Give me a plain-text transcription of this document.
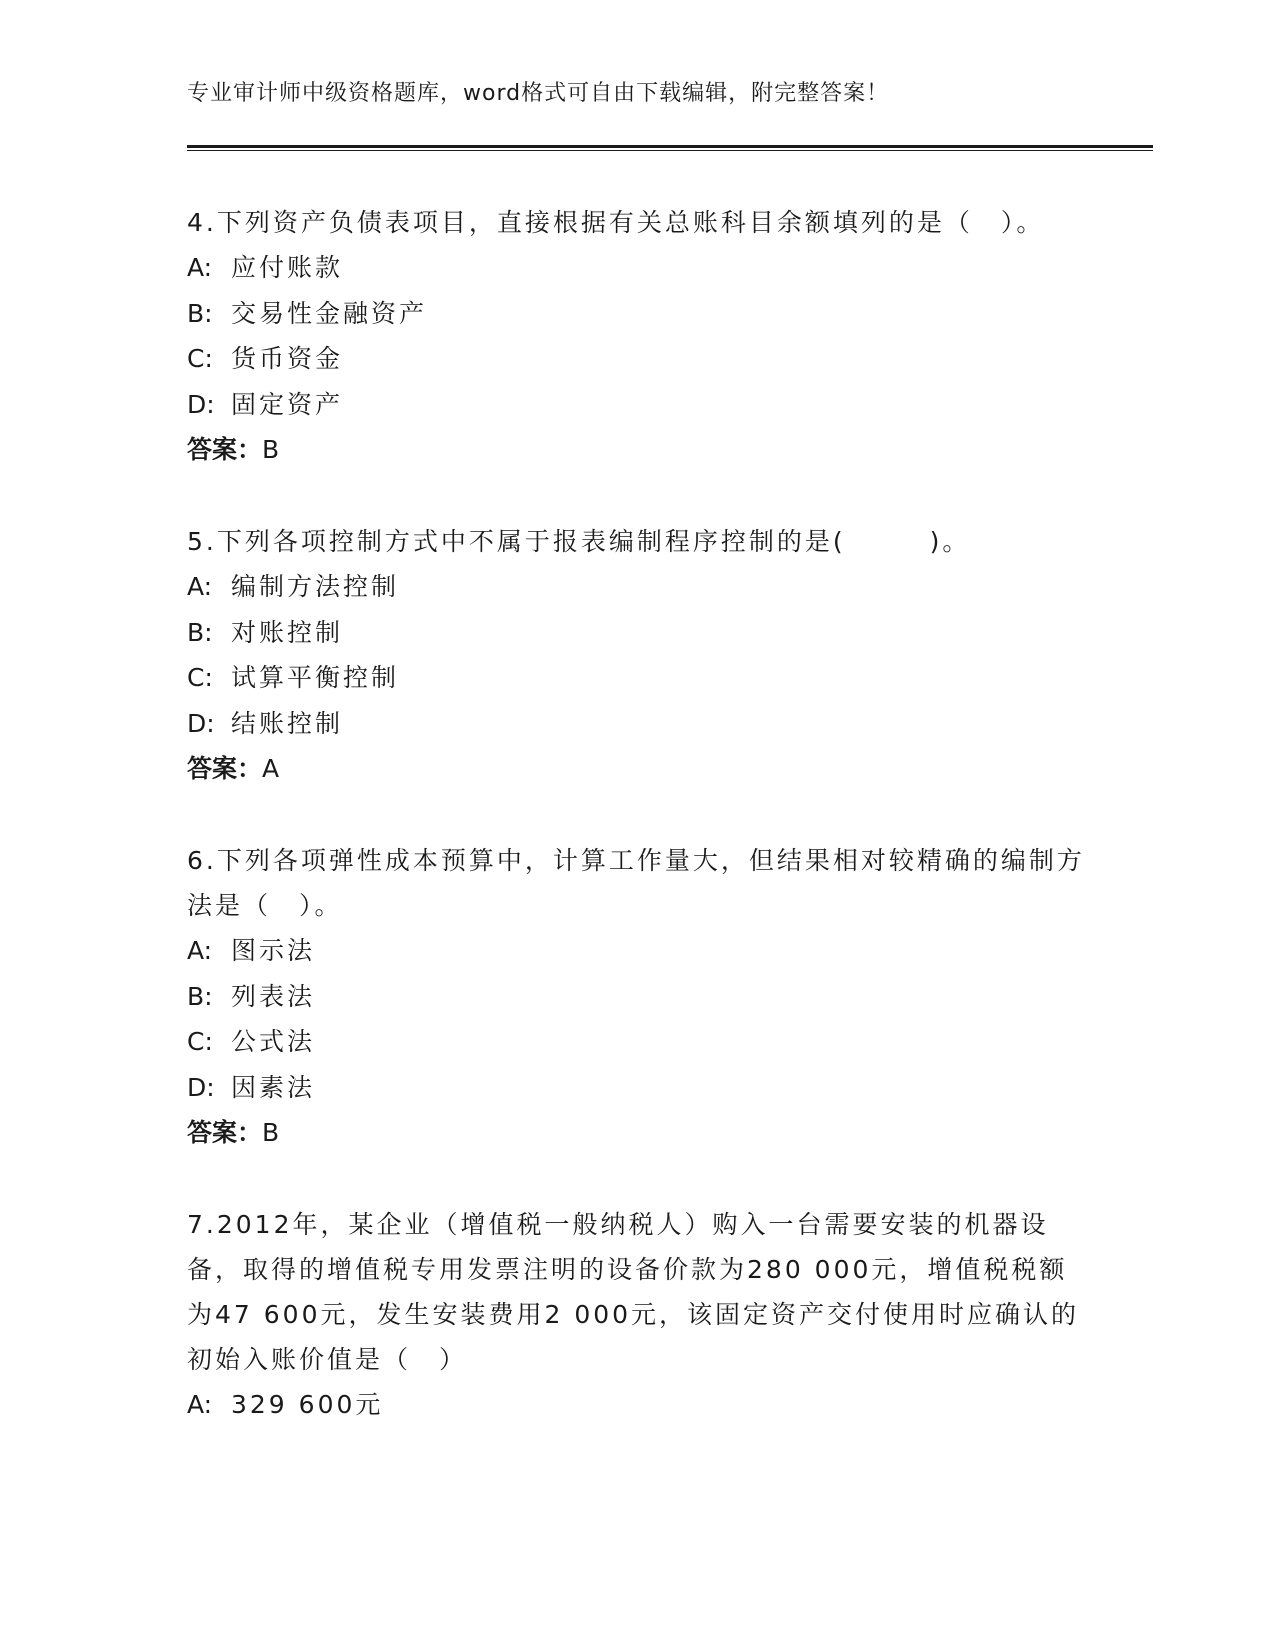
专业审计师中级资格题库，word格式可自由下载编辑，附完整答案！

4.下列资产负债表项目，直接根据有关总账科目余额填列的是（　）。

A: 应付账款
B: 交易性金融资产
C: 货币资金
D: 固定资产
答案：B

5.下列各项控制方式中不属于报表编制程序控制的是(　　　)。

A: 编制方法控制
B: 对账控制
C: 试算平衡控制
D: 结账控制
答案：A

6.下列各项弹性成本预算中，计算工作量大，但结果相对较精确的编制方法是（　）。

A: 图示法
B: 列表法
C: 公式法
D: 因素法
答案：B

7.2012年，某企业（增值税一般纳税人）购入一台需要安装的机器设备，取得的增值税专用发票注明的设备价款为280 000元，增值税税额为47 600元，发生安装费用2 000元，该固定资产交付使用时应确认的初始入账价值是（　）

A: 329 600元
